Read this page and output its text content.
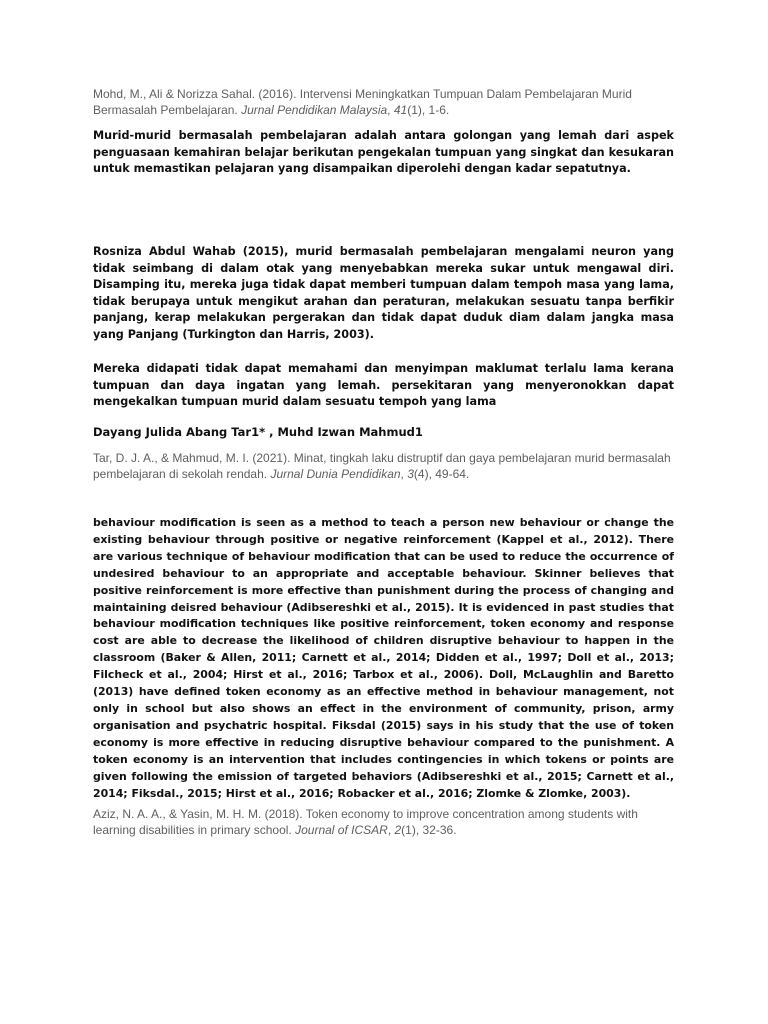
Mohd, M., Ali & Norizza Sahal. (2016). Intervensi Meningkatkan Tumpuan Dalam Pembelajaran Murid Bermasalah Pembelajaran. Jurnal Pendidikan Malaysia, 41(1), 1-6.

Murid-murid bermasalah pembelajaran adalah antara golongan yang lemah dari aspek penguasaan kemahiran belajar berikutan pengekalan tumpuan yang singkat dan kesukaran untuk memastikan pelajaran yang disampaikan diperolehi dengan kadar sepatutnya.

Rosniza Abdul Wahab (2015), murid bermasalah pembelajaran mengalami neuron yang tidak seimbang di dalam otak yang menyebabkan mereka sukar untuk mengawal diri. Disamping itu, mereka juga tidak dapat memberi tumpuan dalam tempoh masa yang lama, tidak berupaya untuk mengikut arahan dan peraturan, melakukan sesuatu tanpa berfikir panjang, kerap melakukan pergerakan dan tidak dapat duduk diam dalam jangka masa yang Panjang (Turkington dan Harris, 2003).

Mereka didapati tidak dapat memahami dan menyimpan maklumat terlalu lama kerana tumpuan dan daya ingatan yang lemah. persekitaran yang menyeronokkan dapat mengekalkan tumpuan murid dalam sesuatu tempoh yang lama

Dayang Julida Abang Tar1* , Muhd Izwan Mahmud1

Tar, D. J. A., & Mahmud, M. I. (2021). Minat, tingkah laku distruptif dan gaya pembelajaran murid bermasalah pembelajaran di sekolah rendah. Jurnal Dunia Pendidikan, 3(4), 49-64.

behaviour modification is seen as a method to teach a person new behaviour or change the existing behaviour through positive or negative reinforcement (Kappel et al., 2012). There are various technique of behaviour modification that can be used to reduce the occurrence of undesired behaviour to an appropriate and acceptable behaviour. Skinner believes that positive reinforcement is more effective than punishment during the process of changing and maintaining deisred behaviour (Adibsereshki et al., 2015). It is evidenced in past studies that behaviour modification techniques like positive reinforcement, token economy and response cost are able to decrease the likelihood of children disruptive behaviour to happen in the classroom (Baker & Allen, 2011; Carnett et al., 2014; Didden et al., 1997; Doll et al., 2013; Filcheck et al., 2004; Hirst et al., 2016; Tarbox et al., 2006). Doll, McLaughlin and Baretto (2013) have defined token economy as an effective method in behaviour management, not only in school but also shows an effect in the environment of community, prison, army organisation and psychatric hospital. Fiksdal (2015) says in his study that the use of token economy is more effective in reducing disruptive behaviour compared to the punishment. A token economy is an intervention that includes contingencies in which tokens or points are given following the emission of targeted behaviors (Adibsereshki et al., 2015; Carnett et al., 2014; Fiksdal., 2015; Hirst et al., 2016; Robacker et al., 2016; Zlomke & Zlomke, 2003).

Aziz, N. A. A., & Yasin, M. H. M. (2018). Token economy to improve concentration among students with learning disabilities in primary school. Journal of ICSAR, 2(1), 32-36.
